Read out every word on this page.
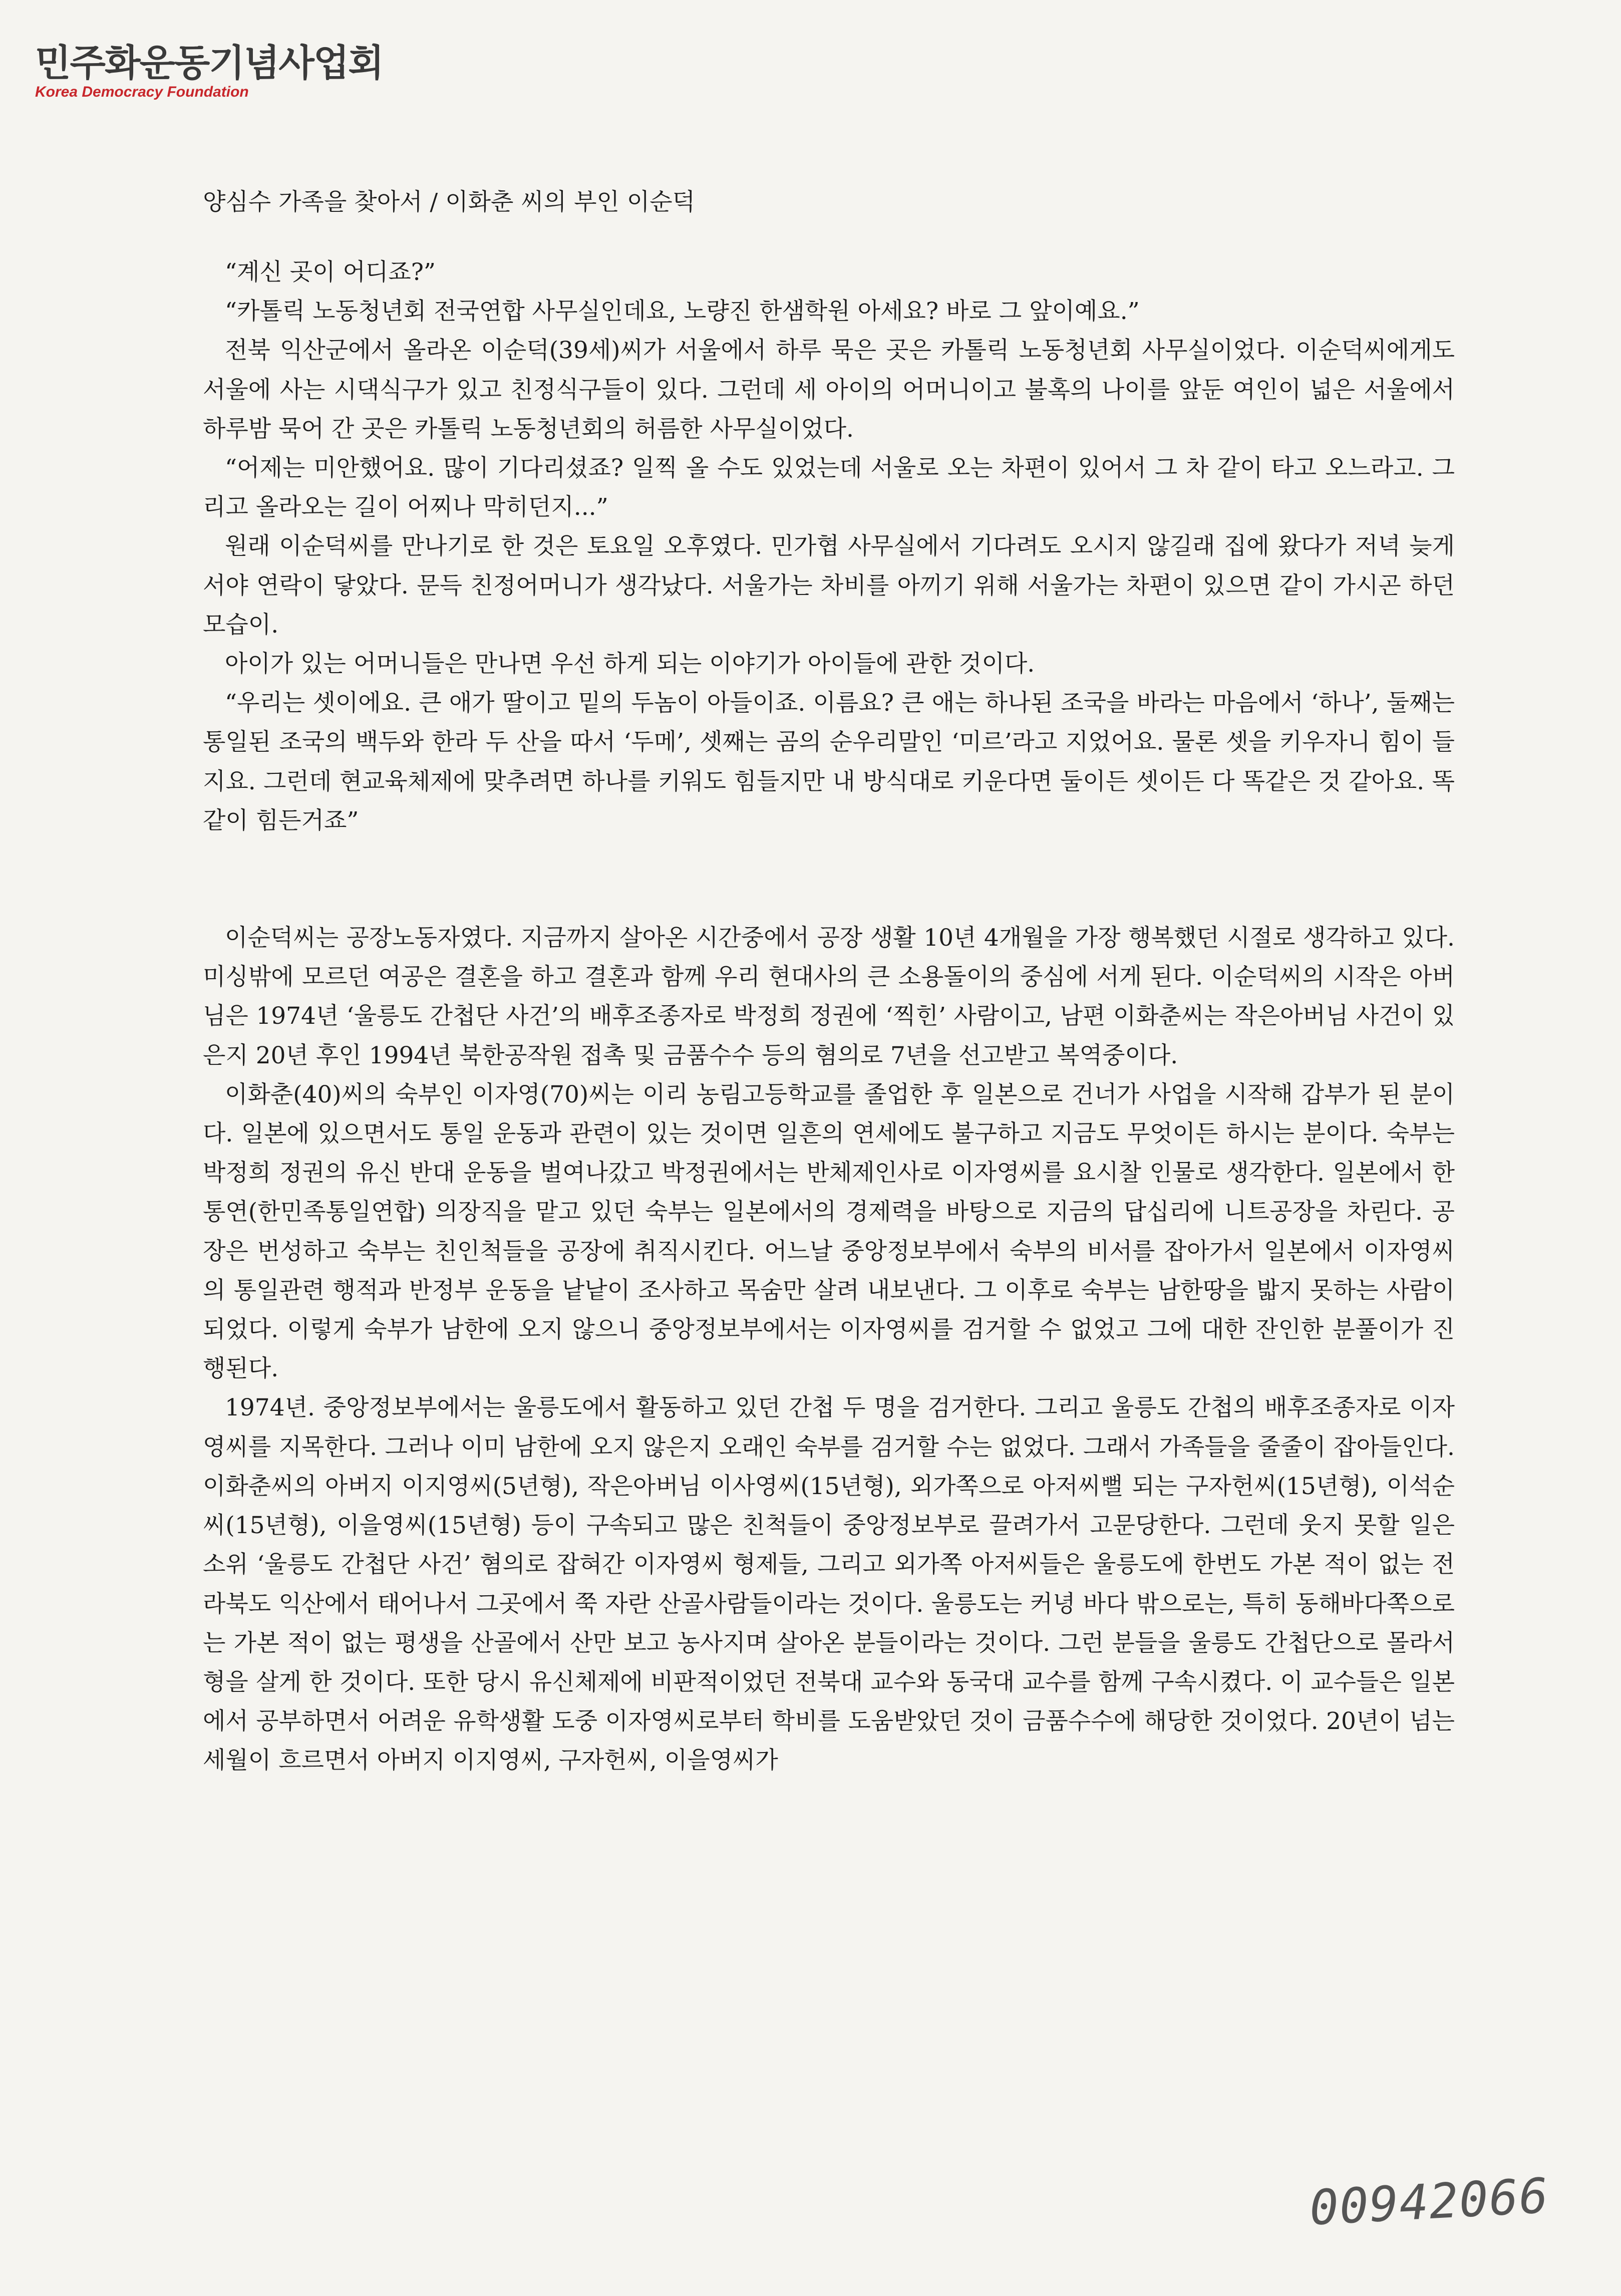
민주화운동기념사업회
Korea Democracy Foundation

양심수 가족을 찾아서 / 이화춘 씨의 부인 이순덕

“계신 곳이 어디죠?”

“카톨릭 노동청년회 전국연합 사무실인데요, 노량진 한샘학원 아세요? 바로 그 앞이예요.”

전북 익산군에서 올라온 이순덕(39세)씨가 서울에서 하루 묵은 곳은 카톨릭 노동청년회 사무실이었다. 이순덕씨에게도 서울에 사는 시댁식구가 있고 친정식구들이 있다. 그런데 세 아이의 어머니이고 불혹의 나이를 앞둔 여인이 넓은 서울에서 하루밤 묵어 간 곳은 카톨릭 노동청년회의 허름한 사무실이었다.

“어제는 미안했어요. 많이 기다리셨죠? 일찍 올 수도 있었는데 서울로 오는 차편이 있어서 그 차 같이 타고 오느라고. 그리고 올라오는 길이 어찌나 막히던지...”

원래 이순덕씨를 만나기로 한 것은 토요일 오후였다. 민가협 사무실에서 기다려도 오시지 않길래 집에 왔다가 저녁 늦게서야 연락이 닿았다. 문득 친정어머니가 생각났다. 서울가는 차비를 아끼기 위해 서울가는 차편이 있으면 같이 가시곤 하던 모습이.

아이가 있는 어머니들은 만나면 우선 하게 되는 이야기가 아이들에 관한 것이다.

“우리는 셋이에요. 큰 애가 딸이고 밑의 두놈이 아들이죠. 이름요? 큰 애는 하나된 조국을 바라는 마음에서 ‘하나’, 둘째는 통일된 조국의 백두와 한라 두 산을 따서 ‘두메’, 셋째는 곰의 순우리말인 ‘미르’라고 지었어요. 물론 셋을 키우자니 힘이 들지요. 그런데 현교육체제에 맞추려면 하나를 키워도 힘들지만 내 방식대로 키운다면 둘이든 셋이든 다 똑같은 것 같아요. 똑같이 힘든거죠”

이순덕씨는 공장노동자였다. 지금까지 살아온 시간중에서 공장 생활 10년 4개월을 가장 행복했던 시절로 생각하고 있다. 미싱밖에 모르던 여공은 결혼을 하고 결혼과 함께 우리 현대사의 큰 소용돌이의 중심에 서게 된다. 이순덕씨의 시작은 아버님은 1974년 ‘울릉도 간첩단 사건’의 배후조종자로 박정희 정권에 ‘찍힌’ 사람이고, 남편 이화춘씨는 작은아버님 사건이 있은지 20년 후인 1994년 북한공작원 접촉 및 금품수수 등의 혐의로 7년을 선고받고 복역중이다.

이화춘(40)씨의 숙부인 이자영(70)씨는 이리 농림고등학교를 졸업한 후 일본으로 건너가 사업을 시작해 갑부가 된 분이다. 일본에 있으면서도 통일 운동과 관련이 있는 것이면 일흔의 연세에도 불구하고 지금도 무엇이든 하시는 분이다. 숙부는 박정희 정권의 유신 반대 운동을 벌여나갔고 박정권에서는 반체제인사로 이자영씨를 요시찰 인물로 생각한다. 일본에서 한통연(한민족통일연합) 의장직을 맡고 있던 숙부는 일본에서의 경제력을 바탕으로 지금의 답십리에 니트공장을 차린다. 공장은 번성하고 숙부는 친인척들을 공장에 취직시킨다. 어느날 중앙정보부에서 숙부의 비서를 잡아가서 일본에서 이자영씨의 통일관련 행적과 반정부 운동을 낱낱이 조사하고 목숨만 살려 내보낸다. 그 이후로 숙부는 남한땅을 밟지 못하는 사람이 되었다. 이렇게 숙부가 남한에 오지 않으니 중앙정보부에서는 이자영씨를 검거할 수 없었고 그에 대한 잔인한 분풀이가 진행된다.

1974년. 중앙정보부에서는 울릉도에서 활동하고 있던 간첩 두 명을 검거한다. 그리고 울릉도 간첩의 배후조종자로 이자영씨를 지목한다. 그러나 이미 남한에 오지 않은지 오래인 숙부를 검거할 수는 없었다. 그래서 가족들을 줄줄이 잡아들인다. 이화춘씨의 아버지 이지영씨(5년형), 작은아버님 이사영씨(15년형), 외가쪽으로 아저씨뻘 되는 구자헌씨(15년형), 이석순씨(15년형), 이을영씨(15년형) 등이 구속되고 많은 친척들이 중앙정보부로 끌려가서 고문당한다. 그런데 웃지 못할 일은 소위 ‘울릉도 간첩단 사건’ 혐의로 잡혀간 이자영씨 형제들, 그리고 외가쪽 아저씨들은 울릉도에 한번도 가본 적이 없는 전라북도 익산에서 태어나서 그곳에서 쭉 자란 산골사람들이라는 것이다. 울릉도는 커녕 바다 밖으로는, 특히 동해바다쪽으로는 가본 적이 없는 평생을 산골에서 산만 보고 농사지며 살아온 분들이라는 것이다. 그런 분들을 울릉도 간첩단으로 몰라서 형을 살게 한 것이다. 또한 당시 유신체제에 비판적이었던 전북대 교수와 동국대 교수를 함께 구속시켰다. 이 교수들은 일본에서 공부하면서 어려운 유학생활 도중 이자영씨로부터 학비를 도움받았던 것이 금품수수에 해당한 것이었다. 20년이 넘는 세월이 흐르면서 아버지 이지영씨, 구자헌씨, 이을영씨가

00942066
